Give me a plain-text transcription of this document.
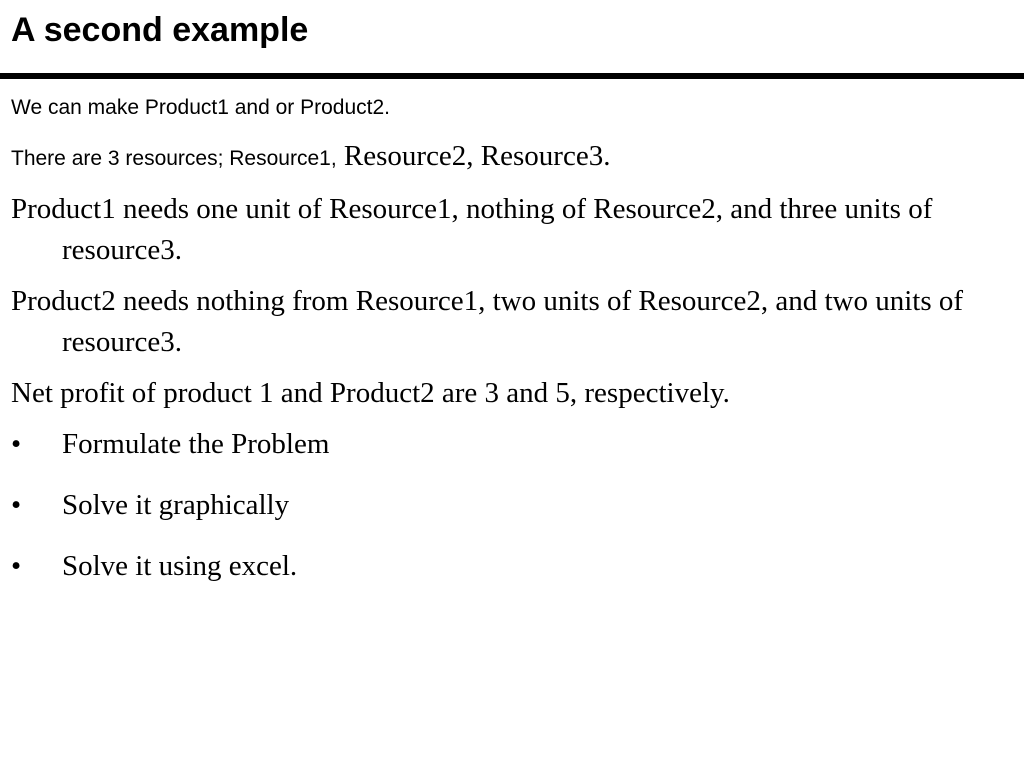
A second example

We can make Product1 and or Product2.

There are 3 resources; Resource1, Resource2, Resource3.

Product1 needs one unit of Resource1, nothing of Resource2, and three units of resource3.

Product2 needs nothing from Resource1, two units of Resource2, and two units of resource3.

Net profit of product 1 and Product2 are 3 and 5, respectively.

•	Formulate the Problem
•	Solve it graphically
•	Solve it using excel.
